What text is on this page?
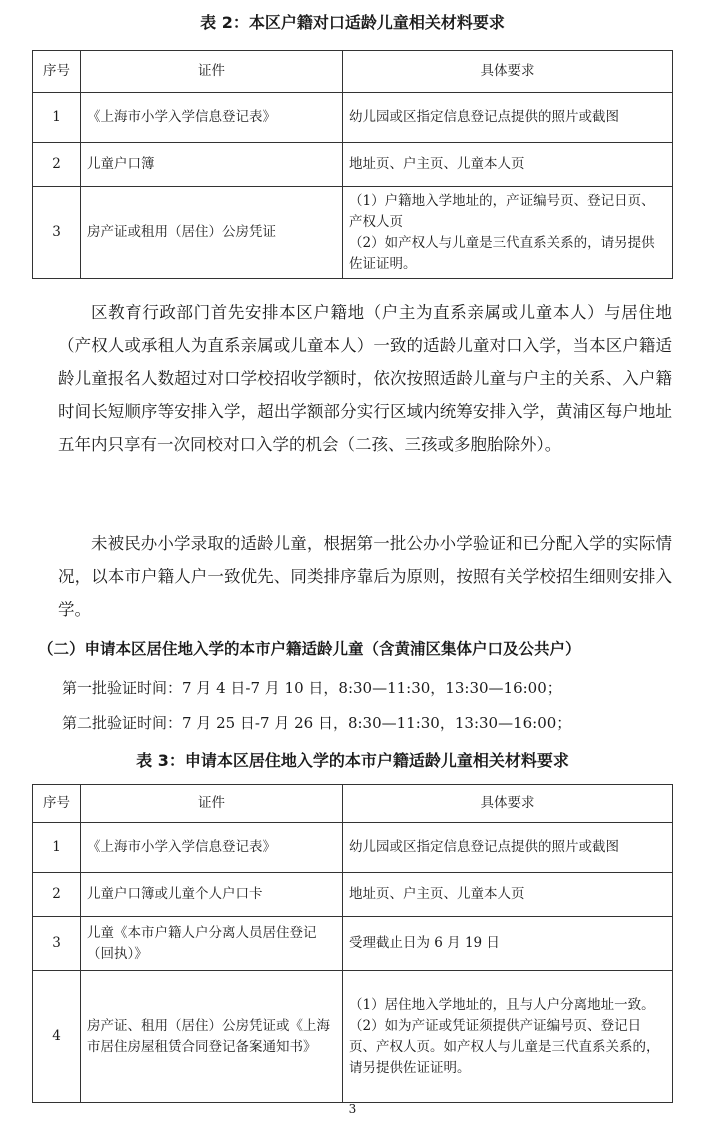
表 2：本区户籍对口适龄儿童相关材料要求
序号	证件	具体要求
1	《上海市小学入学信息登记表》	幼儿园或区指定信息登记点提供的照片或截图

2	儿童户口簿	地址页、户主页、儿童本人页

3	房产证或租用（居住）公房凭证	（1）户籍地入学地址的，产证编号页、登记日页、产权人页
（2）如产权人与儿童是三代直系关系的，请另提供佐证证明。

区教育行政部门首先安排本区户籍地（户主为直系亲属或儿童本人）与居住地（产权人或承租人为直系亲属或儿童本人）一致的适龄儿童对口入学，当本区户籍适龄儿童报名人数超过对口学校招收学额时，依次按照适龄儿童与户主的关系、入户籍时间长短顺序等安排入学，超出学额部分实行区域内统筹安排入学，黄浦区每户地址五年内只享有一次同校对口入学的机会（二孩、三孩或多胞胎除外）。

未被民办小学录取的适龄儿童，根据第一批公办小学验证和已分配入学的实际情况，以本市户籍人户一致优先、同类排序靠后为原则，按照有关学校招生细则安排入学。

（二）申请本区居住地入学的本市户籍适龄儿童（含黄浦区集体户口及公共户）
第一批验证时间：7 月 4 日-7 月 10 日，8:30—11:30，13:30—16:00；
第二批验证时间：7 月 25 日-7 月 26 日，8:30—11:30，13:30—16:00；
表 3：申请本区居住地入学的本市户籍适龄儿童相关材料要求
序号	证件	具体要求
1	《上海市小学入学信息登记表》	幼儿园或区指定信息登记点提供的照片或截图

2	儿童户口簿或儿童个人户口卡	地址页、户主页、儿童本人页

3	儿童《本市户籍人户分离人员居住登记（回执）》	受理截止日为 6 月 19 日

4	房产证、租用（居住）公房凭证或《上海市居住房屋租赁合同登记备案通知书》	（1）居住地入学地址的，且与人户分离地址一致。
（2）如为产证或凭证须提供产证编号页、登记日页、产权人页。如产权人与儿童是三代直系关系的，请另提供佐证证明。
3
